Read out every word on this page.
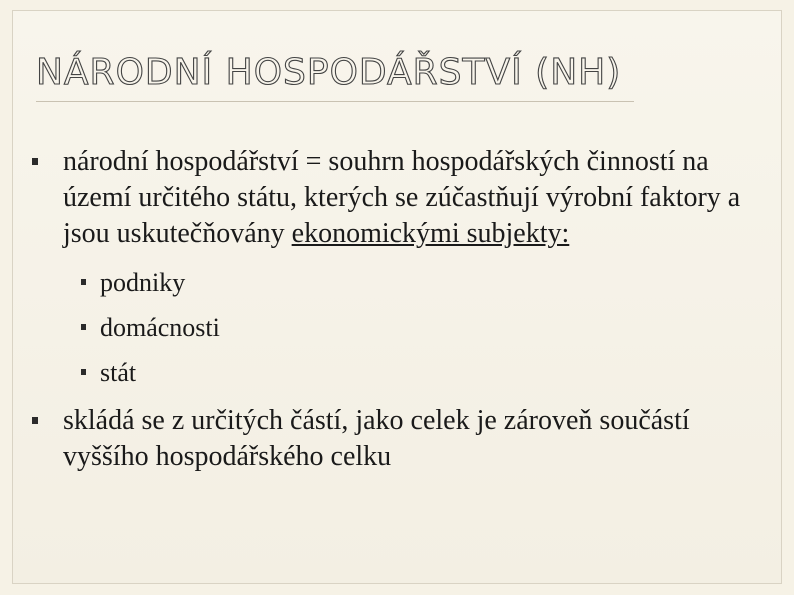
NÁRODNÍ HOSPODÁŘSTVÍ (NH)
národní hospodářství = souhrn hospodářských činností na území určitého státu, kterých se zúčastňují výrobní faktory a jsou uskutečňovány ekonomickými subjekty:
podniky
domácnosti
stát
skládá se z určitých částí, jako celek je zároveň součástí vyššího hospodářského celku
